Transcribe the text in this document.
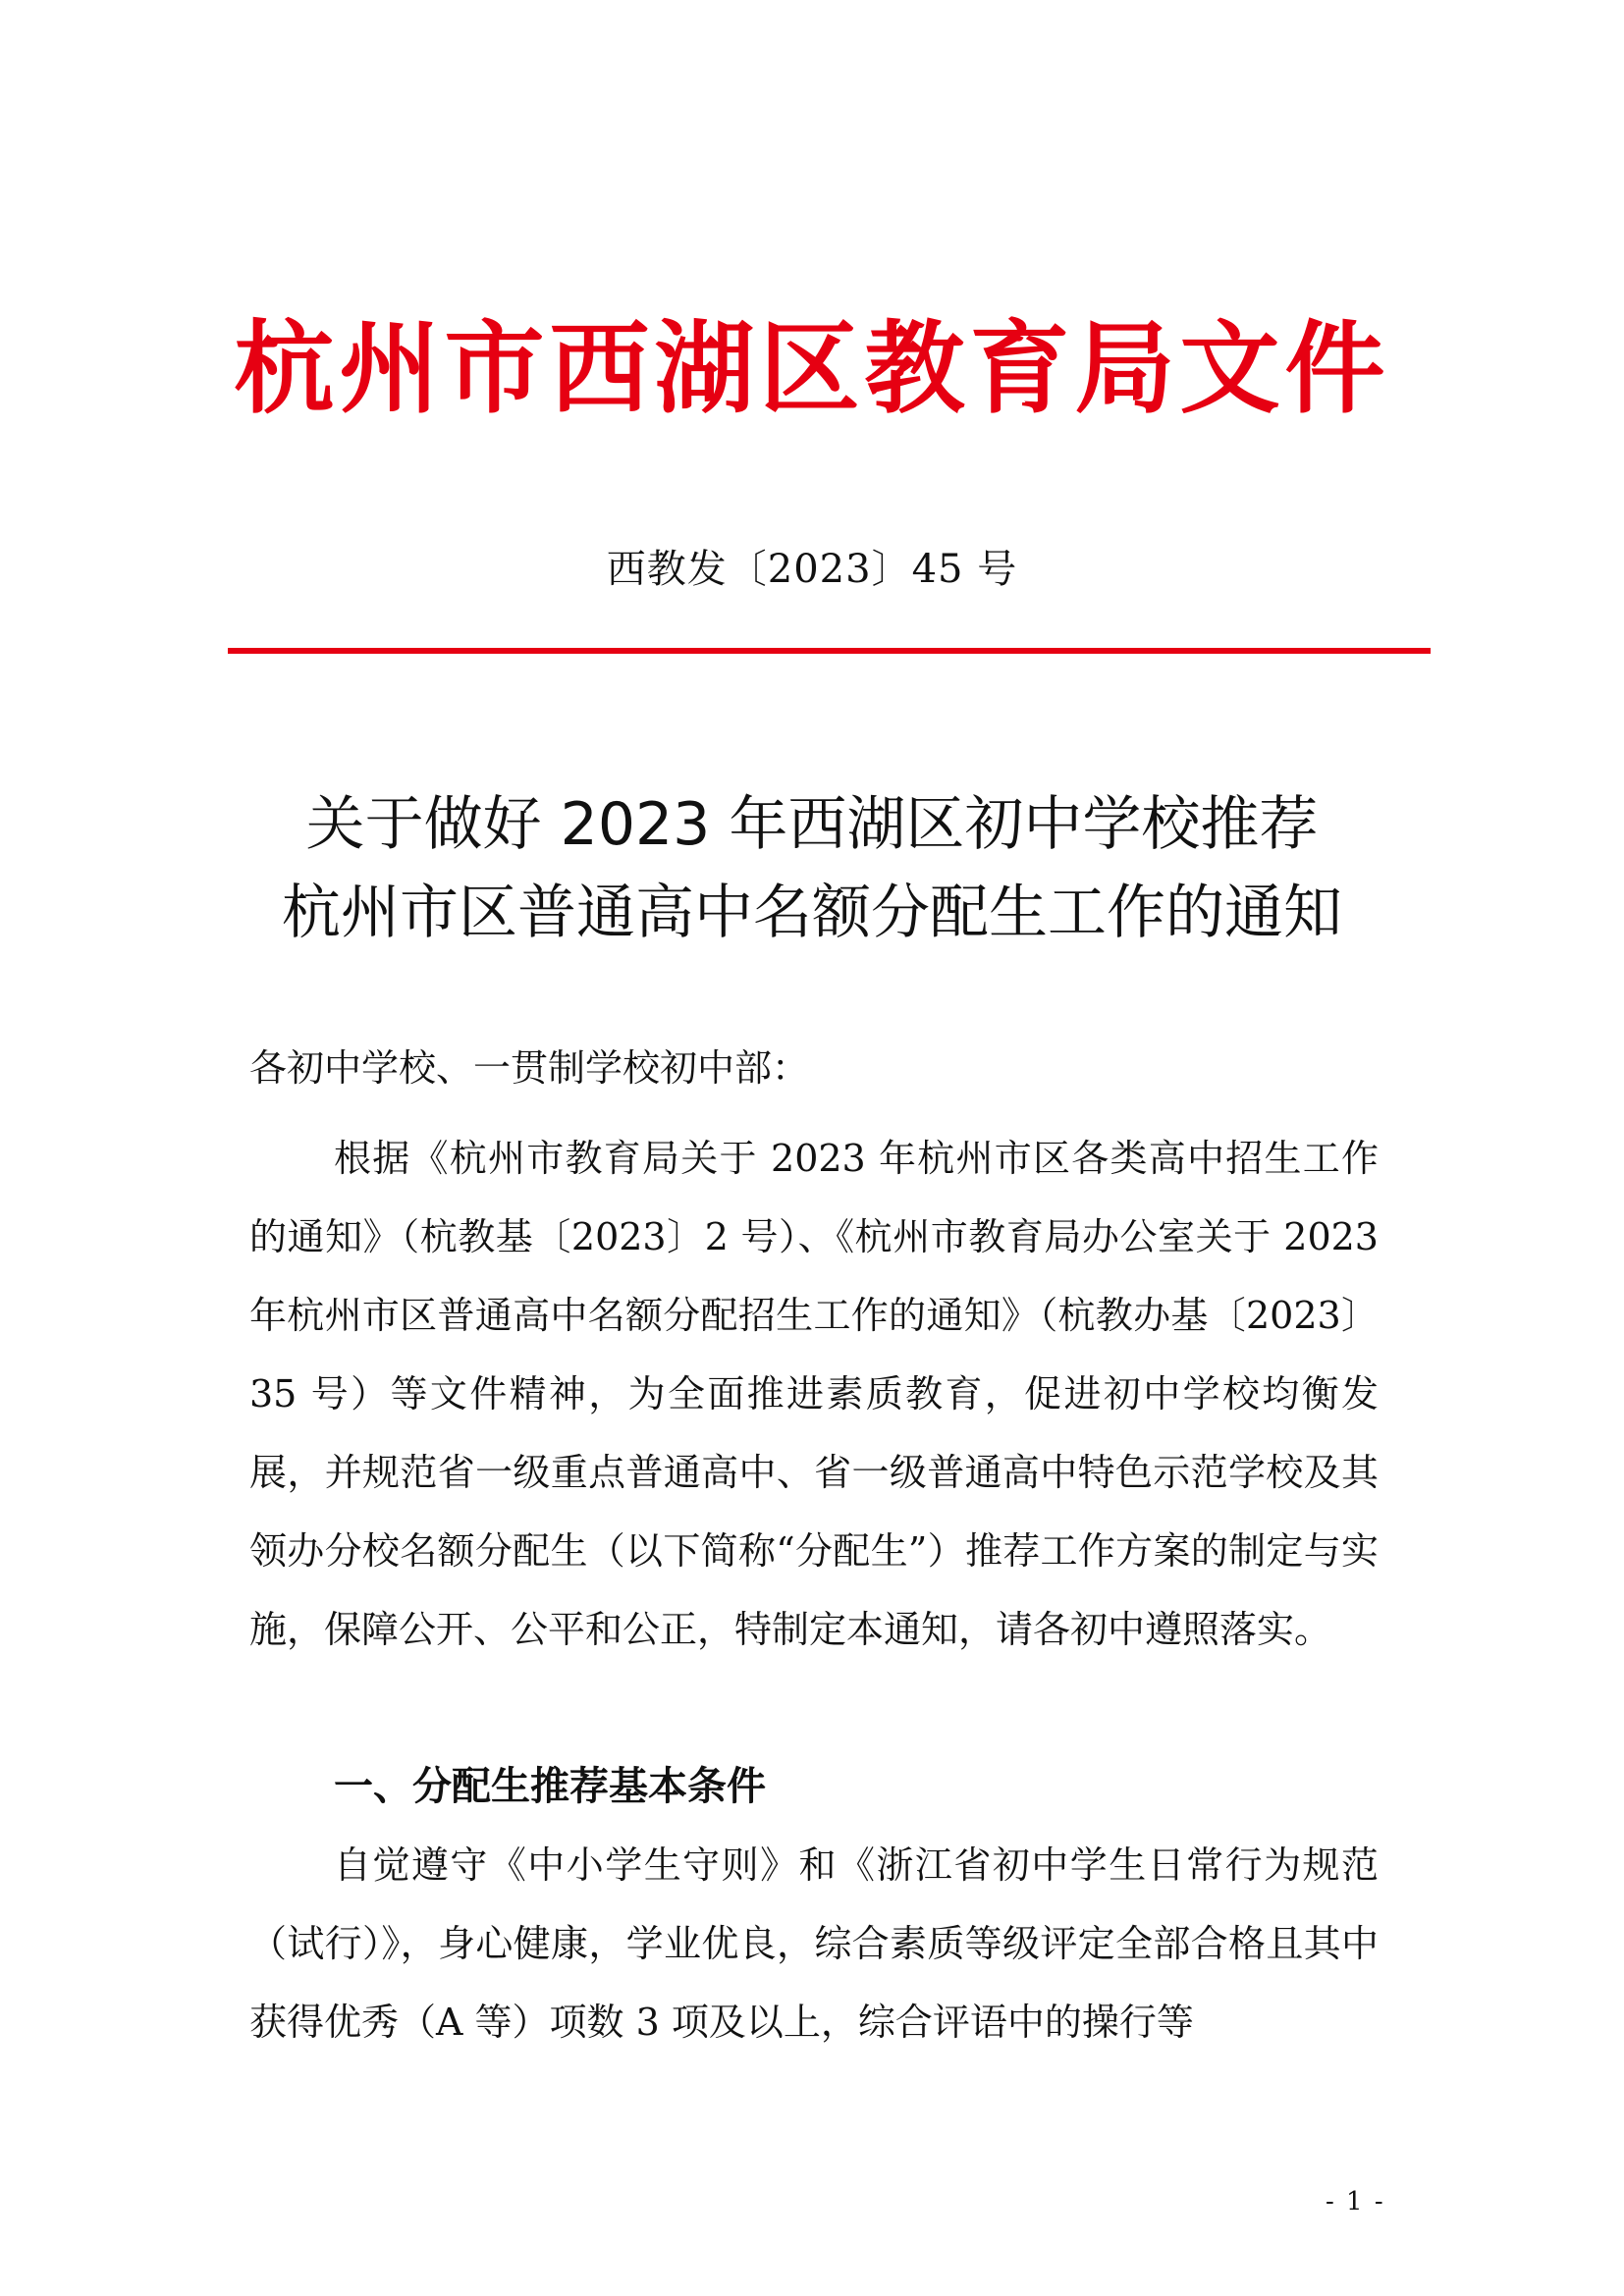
杭州市西湖区教育局文件
西教发〔2023〕45 号
关于做好 2023 年西湖区初中学校推荐
杭州市区普通高中名额分配生工作的通知
各初中学校、一贯制学校初中部：
根据《杭州市教育局关于 2023 年杭州市区各类高中招生工作的通知》（杭教基〔2023〕2 号）、《杭州市教育局办公室关于 2023 年杭州市区普通高中名额分配招生工作的通知》（杭教办基〔2023〕35 号）等文件精神，为全面推进素质教育，促进初中学校均衡发展，并规范省一级重点普通高中、省一级普通高中特色示范学校及其领办分校名额分配生（以下简称“分配生”）推荐工作方案的制定与实施，保障公开、公平和公正，特制定本通知，请各初中遵照落实。
一、分配生推荐基本条件
自觉遵守《中小学生守则》和《浙江省初中学生日常行为规范（试行）》，身心健康，学业优良，综合素质等级评定全部合格且其中获得优秀（A 等）项数 3 项及以上，综合评语中的操行等
- 1 -
